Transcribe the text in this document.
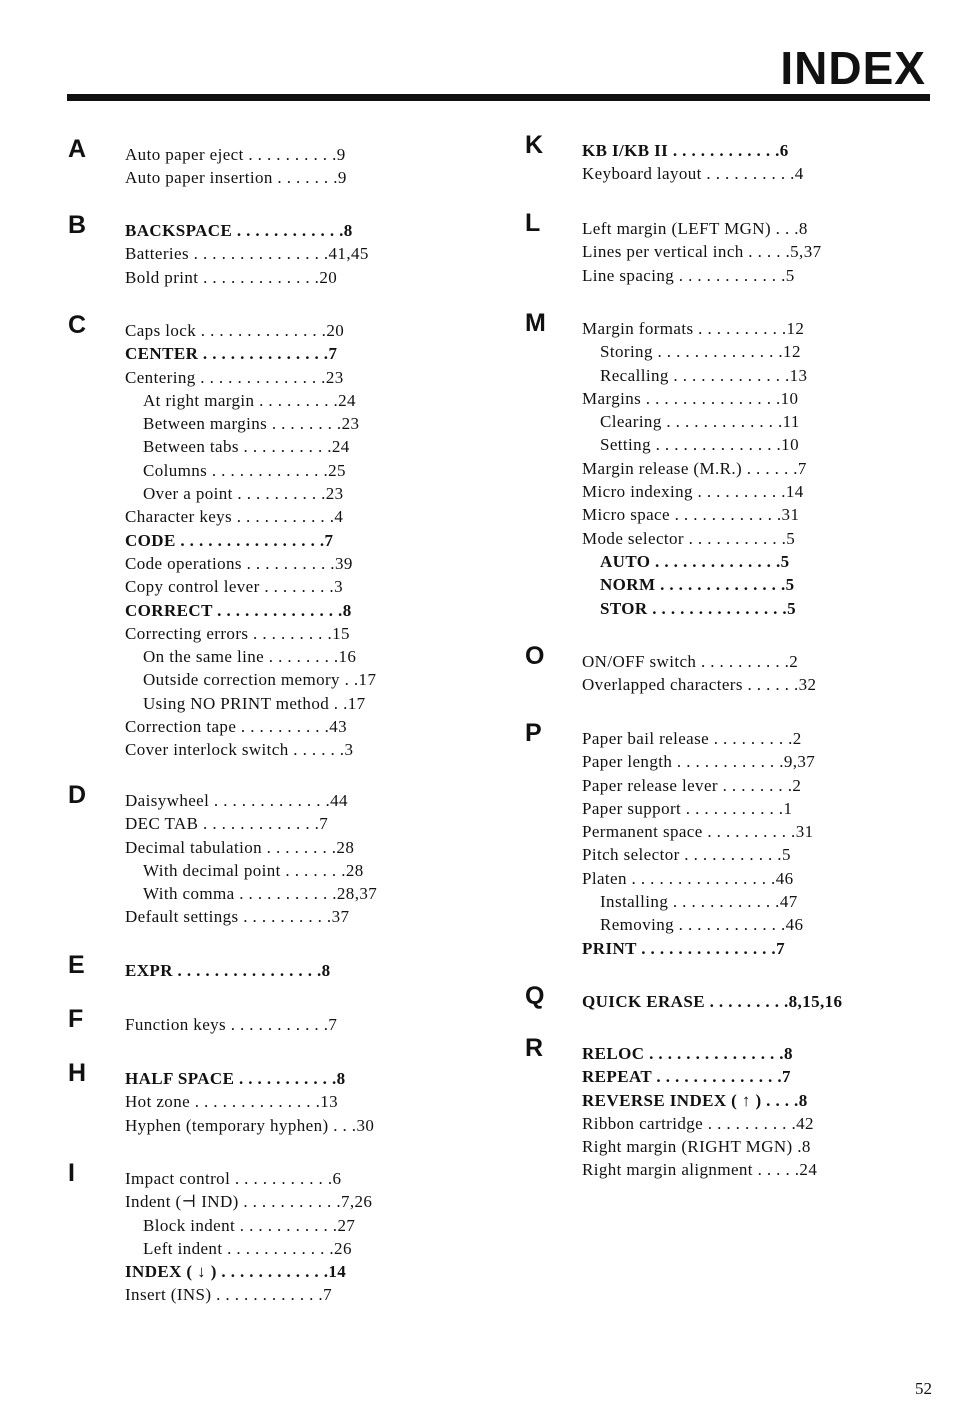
INDEX
A Auto paper eject . . . . . . . . . .9
Auto paper insertion . . . . . . .9
B BACKSPACE . . . . . . . . . . . .8
Batteries . . . . . . . . . . . . . . .41,45
Bold print . . . . . . . . . . . . .20
C Caps lock . . . . . . . . . . . . . .20
CENTER . . . . . . . . . . . . . .7
Centering . . . . . . . . . . . . . .23
At right margin . . . . . . . . .24
Between margins . . . . . . . .23
Between tabs . . . . . . . . . .24
Columns . . . . . . . . . . . . .25
Over a point . . . . . . . . . .23
Character keys . . . . . . . . . . .4
CODE . . . . . . . . . . . . . . . .7
Code operations . . . . . . . . . .39
Copy control lever . . . . . . . .3
CORRECT . . . . . . . . . . . . . .8
Correcting errors . . . . . . . . .15
On the same line . . . . . . . .16
Outside correction memory . .17
Using NO PRINT method . .17
Correction tape . . . . . . . . . .43
Cover interlock switch . . . . . .3
D Daisywheel . . . . . . . . . . . . .44
DEC TAB . . . . . . . . . . . . .7
Decimal tabulation . . . . . . . .28
With decimal point . . . . . . .28
With comma . . . . . . . . . . .28,37
Default settings . . . . . . . . . .37
E EXPR . . . . . . . . . . . . . . . .8
F Function keys . . . . . . . . . . .7
H HALF SPACE . . . . . . . . . . .8
Hot zone . . . . . . . . . . . . . .13
Hyphen (temporary hyphen) . . .30
I	Impact control . . . . . . . . . . .6
Indent (⊣ IND) . . . . . . . . . . .7,26
Block indent . . . . . . . . . . .27
Left indent . . . . . . . . . . . .26
INDEX ( ↓ ) . . . . . . . . . . . .14
Insert (INS) . . . . . . . . . . . .7
K KB I/KB II . . . . . . . . . . . .6
Keyboard layout . . . . . . . . . .4
L Left margin (LEFT MGN) . . .8
Lines per vertical inch . . . . .5,37
Line spacing . . . . . . . . . . . .5
M Margin formats . . . . . . . . . .12
Storing . . . . . . . . . . . . . .12
Recalling . . . . . . . . . . . . .13
Margins . . . . . . . . . . . . . . .10
Clearing . . . . . . . . . . . . .11
Setting . . . . . . . . . . . . . .10
Margin release (M.R.) . . . . . .7
Micro indexing . . . . . . . . . .14
Micro space . . . . . . . . . . . .31
Mode selector . . . . . . . . . . .5
AUTO . . . . . . . . . . . . . .5
NORM . . . . . . . . . . . . . .5
STOR . . . . . . . . . . . . . . .5
O ON/OFF switch . . . . . . . . . .2
Overlapped characters . . . . . .32
P Paper bail release . . . . . . . . .2
Paper length . . . . . . . . . . . .9,37
Paper release lever . . . . . . . .2
Paper support . . . . . . . . . . .1
Permanent space . . . . . . . . . .31
Pitch selector . . . . . . . . . . .5
Platen . . . . . . . . . . . . . . . .46
Installing . . . . . . . . . . . .47
Removing . . . . . . . . . . . .46
PRINT . . . . . . . . . . . . . . .7
Q QUICK ERASE . . . . . . . . .8,15,16
R RELOC . . . . . . . . . . . . . . .8
REPEAT . . . . . . . . . . . . . .7
REVERSE INDEX ( ↑ ) . . . .8
Ribbon cartridge . . . . . . . . . .42
Right margin (RIGHT MGN) .8
Right margin alignment . . . . .24
52
